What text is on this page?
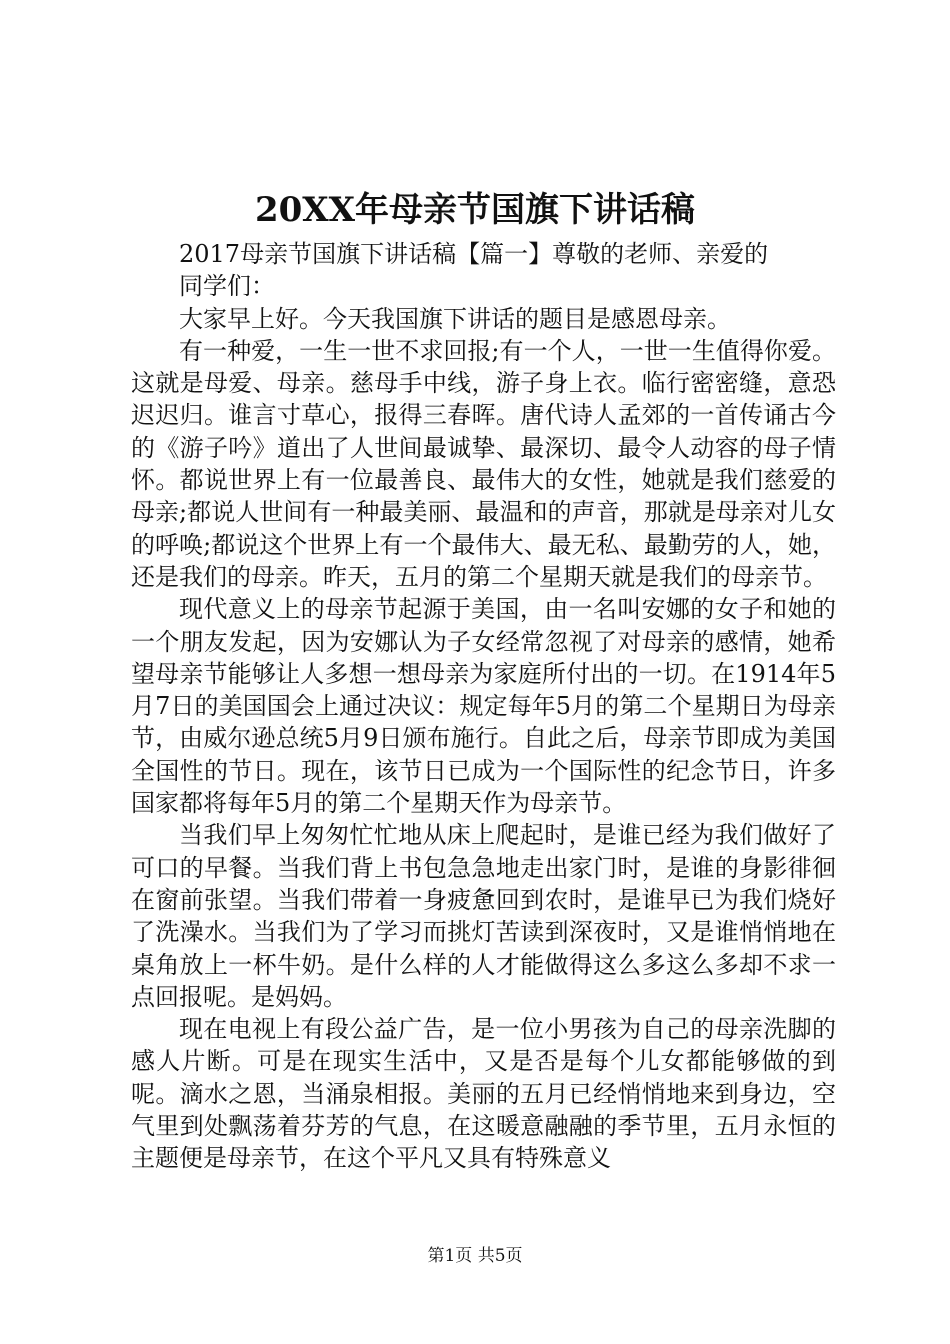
20XX年母亲节国旗下讲话稿
2017母亲节国旗下讲话稿【篇一】尊敬的老师、亲爱的
同学们：

大家早上好。今天我国旗下讲话的题目是感恩母亲。

有一种爱，一生一世不求回报;有一个人，一世一生值得你爱。这就是母爱、母亲。慈母手中线，游子身上衣。临行密密缝，意恐迟迟归。谁言寸草心，报得三春晖。唐代诗人孟郊的一首传诵古今的《游子吟》道出了人世间最诚挚、最深切、最令人动容的母子情怀。都说世界上有一位最善良、最伟大的女性，她就是我们慈爱的母亲;都说人世间有一种最美丽、最温和的声音，那就是母亲对儿女的呼唤;都说这个世界上有一个最伟大、最无私、最勤劳的人，她，还是我们的母亲。昨天，五月的第二个星期天就是我们的母亲节。

现代意义上的母亲节起源于美国，由一名叫安娜的女子和她的一个朋友发起，因为安娜认为子女经常忽视了对母亲的感情，她希望母亲节能够让人多想一想母亲为家庭所付出的一切。在1914年5月7日的美国国会上通过决议：规定每年5月的第二个星期日为母亲节，由威尔逊总统5月9日颁布施行。自此之后，母亲节即成为美国全国性的节日。现在，该节日已成为一个国际性的纪念节日，许多国家都将每年5月的第二个星期天作为母亲节。

当我们早上匆匆忙忙地从床上爬起时，是谁已经为我们做好了可口的早餐。当我们背上书包急急地走出家门时，是谁的身影徘徊在窗前张望。当我们带着一身疲惫回到农时，是谁早已为我们烧好了洗澡水。当我们为了学习而挑灯苦读到深夜时，又是谁悄悄地在桌角放上一杯牛奶。是什么样的人才能做得这么多这么多却不求一点回报呢。是妈妈。

现在电视上有段公益广告，是一位小男孩为自己的母亲洗脚的感人片断。可是在现实生活中，又是否是每个儿女都能够做的到呢。滴水之恩，当涌泉相报。美丽的五月已经悄悄地来到身边，空气里到处飘荡着芬芳的气息，在这暖意融融的季节里，五月永恒的主题便是母亲节，在这个平凡又具有特殊意义

第1页 共5页
